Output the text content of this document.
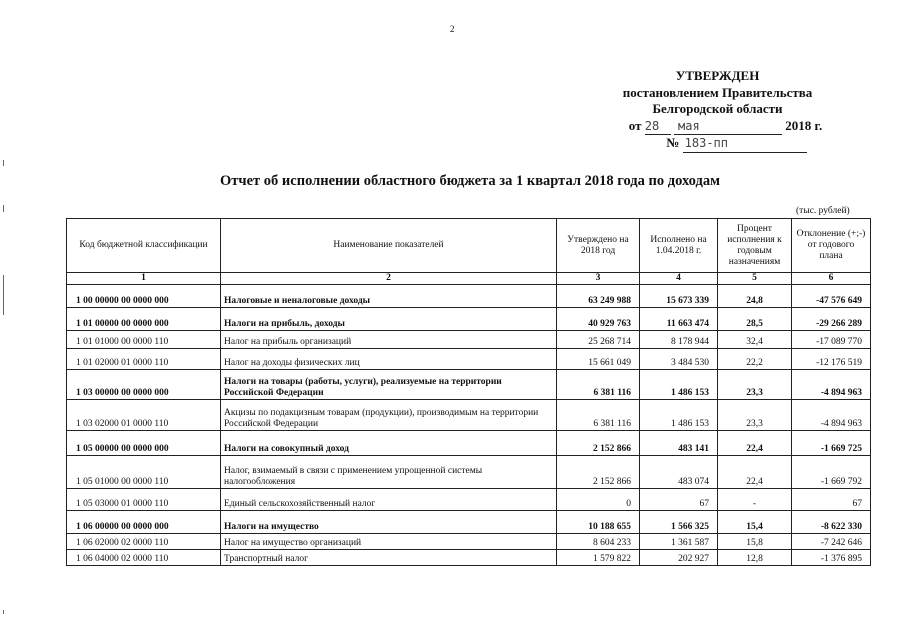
2
УТВЕРЖДЕН
постановлением Правительства
Белгородской области
от 28 мая	2018 г.
№ 183-пп
Отчет об исполнении областного бюджета за 1 квартал 2018 года по доходам
(тыс. рублей)
Код бюджетной классификации	Наименование показателей	Утверждено на 2018 год	Исполнено на 1.04.2018 г.	Процент исполнения к годовым назначениям	Отклонение (+;-) от годового плана
1	2	3	4	5	6
1 00 00000 00 0000 000	Налоговые и неналоговые доходы	63 249 988	15 673 339	24,8	-47 576 649
1 01 00000 00 0000 000	Налоги на прибыль, доходы	40 929 763	11 663 474	28,5	-29 266 289
1 01 01000 00 0000 110	Налог на прибыль организаций	25 268 714	8 178 944	32,4	-17 089 770
1 01 02000 01 0000 110	Налог на доходы физических лиц	15 661 049	3 484 530	22,2	-12 176 519
1 03 00000 00 0000 000	Налоги на товары (работы, услуги), реализуемые на территории Российской Федерации	6 381 116	1 486 153	23,3	-4 894 963
1 03 02000 01 0000 110	Акцизы по подакцизным товарам (продукции), производимым на территории Российской Федерации	6 381 116	1 486 153	23,3	-4 894 963
1 05 00000 00 0000 000	Налоги на совокупный доход	2 152 866	483 141	22,4	-1 669 725
1 05 01000 00 0000 110	Налог, взимаемый в связи с применением упрощенной системы налогообложения	2 152 866	483 074	22,4	-1 669 792
1 05 03000 01 0000 110	Единый сельскохозяйственный налог	0	67	-	67
1 06 00000 00 0000 000	Налоги на имущество	10 188 655	1 566 325	15,4	-8 622 330
1 06 02000 02 0000 110	Налог на имущество организаций	8 604 233	1 361 587	15,8	-7 242 646
1 06 04000 02 0000 110	Транспортный налог	1 579 822	202 927	12,8	-1 376 895
